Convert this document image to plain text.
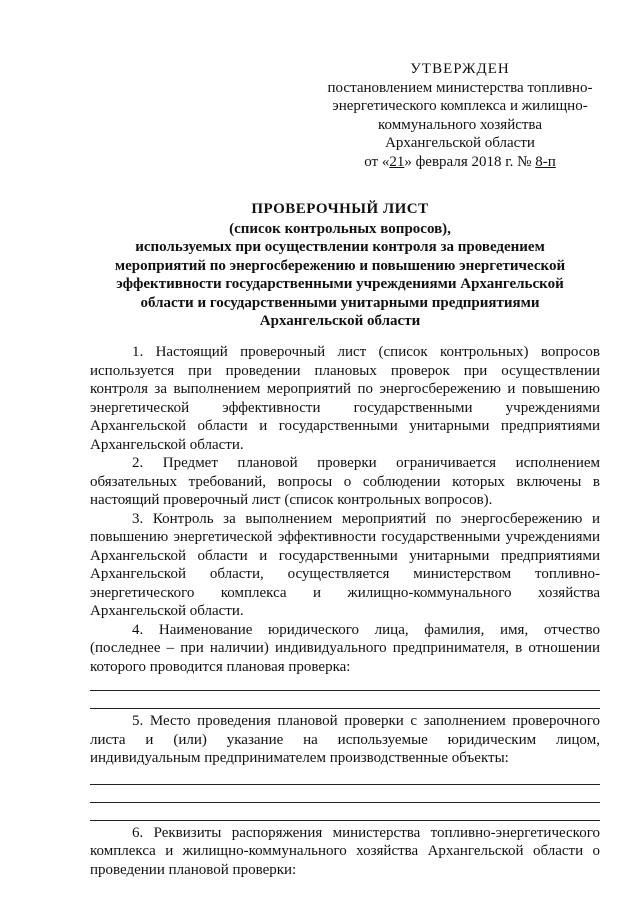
УТВЕРЖДЕН
постановлением министерства топливно-
энергетического комплекса и жилищно-
коммунального хозяйства
Архангельской области
от «21» февраля 2018 г. № 8-п
ПРОВЕРОЧНЫЙ ЛИСТ
(список контрольных вопросов),
используемых при осуществлении контроля за проведением
мероприятий по энергосбережению и повышению энергетической
эффективности государственными учреждениями Архангельской
области и государственными унитарными предприятиями
Архангельской области

1. Настоящий проверочный лист (список контрольных) вопросов используется при проведении плановых проверок при осуществлении контроля за выполнением мероприятий по энергосбережению и повышению энергетической эффективности государственными учреждениями Архангельской области и государственными унитарными предприятиями Архангельской области.

2. Предмет плановой проверки ограничивается исполнением обязательных требований, вопросы о соблюдении которых включены в настоящий проверочный лист (список контрольных вопросов).

3. Контроль за выполнением мероприятий по энергосбережению и повышению энергетической эффективности государственными учреждениями Архангельской области и государственными унитарными предприятиями Архангельской области, осуществляется министерством топливно-энергетического комплекса и жилищно-коммунального хозяйства Архангельской области.

4. Наименование юридического лица, фамилия, имя, отчество (последнее – при наличии) индивидуального предпринимателя, в отношении которого проводится плановая проверка:

5. Место проведения плановой проверки с заполнением проверочного листа и (или) указание на используемые юридическим лицом, индивидуальным предпринимателем производственные объекты:

6. Реквизиты распоряжения министерства топливно-энергетического комплекса и жилищно-коммунального хозяйства Архангельской области о проведении плановой проверки:
